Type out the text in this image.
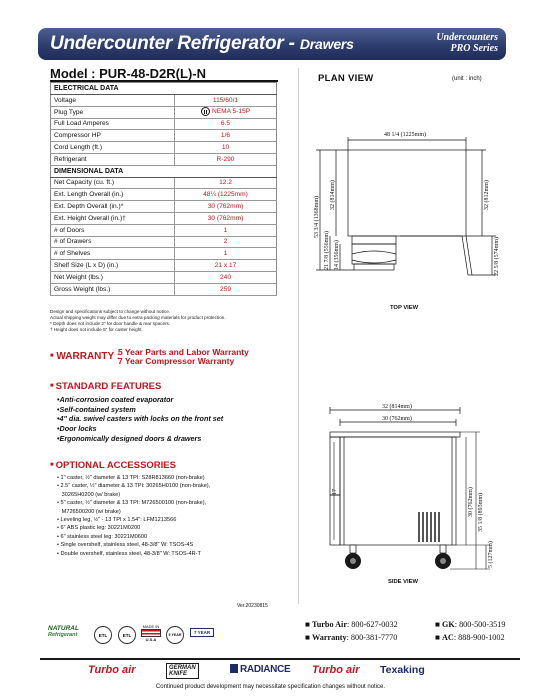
Undercounter Refrigerator - Drawers	Undercounters
PRO Series
Model : PUR-48-D2R(L)-N
ELECTRICAL DATA	
Voltage	115/60/1
Plug Type	NEMA 5-15P

Full Load Amperes	6.5
Compressor HP	1/6
Cord Length (ft.)	10
Refrigerant	R-290
DIMENSIONAL DATA	
Net Capacity (cu. ft.)	12.2
Ext. Length Overall (in.)	48¼ (1225mm)
Ext. Depth Overall (in.)*	30 (762mm)
Ext. Height Overall (in.)†	30 (762mm)
# of Doors	1
# of Drawers	2
# of Shelves	1
Shelf Size (L x D) (in.)	21 x 17
Net Weight (lbs.)	240
Gross Weight (lbs.)	259
Design and specifications subject to change without notice.
Actual shipping weight may differ due to extra packing materials for product protection.
* Depth does not include 2" for door handle & rear spacers.
† Height does not include 5" for caster height.
■ WARRANTY :
5 Year Parts and Labor Warranty
7 Year Compressor Warranty
■ STANDARD FEATURES
• Anti-corrosion coated evaporator
• Self-contained system
• 4" dia. swivel casters with locks on the front set
• Door locks
• Ergonomically designed doors & drawers
■ OPTIONAL ACCESSORIES
• 1" caster, ½" diameter & 13 TPI: S28R813660 (non-brake)
• 2.5" caster, ½" diameter & 13 TPI: 30265H0100 (non-brake),
30265H0200 (w/ brake)
• 5" caster, ½" diameter & 13 TPI: M726500100 (non-brake),
M726500200 (w/ brake)
• Leveling leg, ½" - 13 TPI x 1.54": LFM1213566
• 6" ABS plastic leg: 30221M0200
• 6" stainless steel leg: 30221M0600
• Single overshelf, stainless steel, 48-3/8" W: TSOS-4S
• Double overshelf, stainless steel, 48-3/8" W: TSOS-4R-T
Ver.20230815
PLAN VIEW	(unit : inch)
48 1/4 (1225mm)
32 (814mm)
53 3/4 (1368mm)
21 7/8 (556mm) 14 (356mm)
32 (812mm)
22 5/8 (574mm)
TOP VIEW
32 (814mm)
30 (762mm)
17	30 (762mm) 35 1/8 (893mm)
5 (127mm)
SIDE VIEW
NATURAL
Refrigerant	ETL	ETL
MADE IN
U.S.A
5 YEAR	7 YEAR
■ Turbo Air: 800-627-0032	■ GK: 800-500-3519
■ Warranty: 800-381-7770	■ AC: 888-900-1002
Turbo air	GERMAN
KNIFE	RADIANCE Turbo air Texaking
Continued product development may necessitate specification changes without notice.
